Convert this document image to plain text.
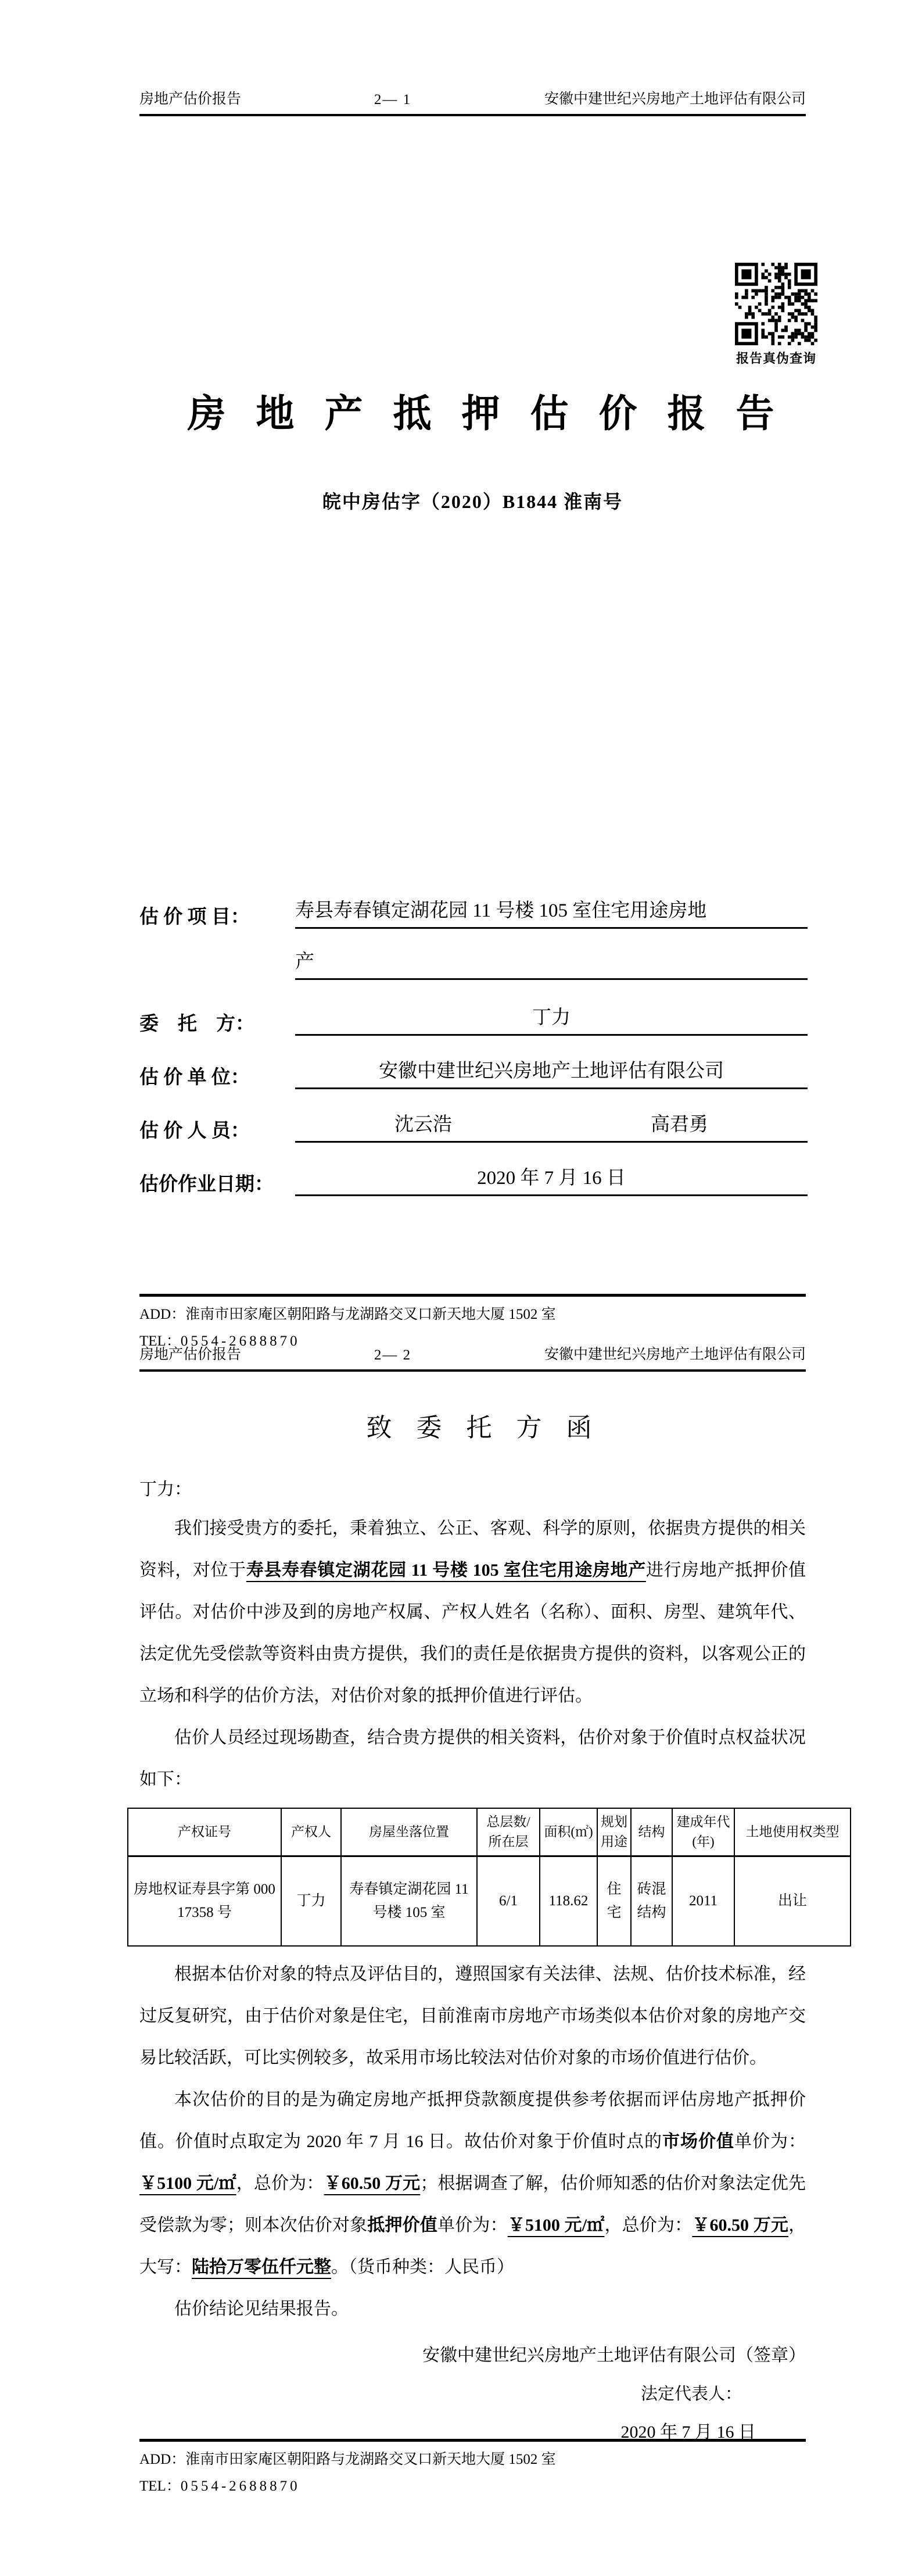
房地产估价报告	2— 1	安徽中建世纪兴房地产土地评估有限公司
报告真伪查询
房地产抵押估价报告
皖中房估字（2020）B1844 淮南号
估 价 项 目：	寿县寿春镇定湖花园 11 号楼 105 室住宅用途房地
产
委　托　方：	丁力
估 价 单 位：	安徽中建世纪兴房地产土地评估有限公司
估 价 人 员：	沈云浩	高君勇
估价作业日期：	2020 年 7 月 16 日
ADD：淮南市田家庵区朝阳路与龙湖路交叉口新天地大厦 1502 室
TEL：0554-2688870
房地产估价报告	2— 2	安徽中建世纪兴房地产土地评估有限公司
致委托方函
丁力：

我们接受贵方的委托，秉着独立、公正、客观、科学的原则，依据贵方提供的相关资料，对位于寿县寿春镇定湖花园 11 号楼 105 室住宅用途房地产进行房地产抵押价值评估。对估价中涉及到的房地产权属、产权人姓名（名称）、面积、房型、建筑年代、法定优先受偿款等资料由贵方提供，我们的责任是依据贵方提供的资料，以客观公正的立场和科学的估价方法，对估价对象的抵押价值进行评估。

估价人员经过现场勘查，结合贵方提供的相关资料，估价对象于价值时点权益状况如下：

产权证号	产权人	房屋坐落位置	总层数/所在层	面积(㎡)	规划用途	结构	建成年代(年)	土地使用权类型
房地权证寿县字第 00017358 号	丁力	寿春镇定湖花园 11 号楼 105 室	6/1	118.62	住宅	砖混结构	2011	出让

根据本估价对象的特点及评估目的，遵照国家有关法律、法规、估价技术标准，经过反复研究，由于估价对象是住宅，目前淮南市房地产市场类似本估价对象的房地产交易比较活跃，可比实例较多，故采用市场比较法对估价对象的市场价值进行估价。

本次估价的目的是为确定房地产抵押贷款额度提供参考依据而评估房地产抵押价值。价值时点取定为 2020 年 7 月 16 日。故估价对象于价值时点的市场价值单价为：￥5100 元/㎡，总价为：￥60.50 万元；根据调查了解，估价师知悉的估价对象法定优先受偿款为零；则本次估价对象抵押价值单价为：￥5100 元/㎡，总价为：￥60.50 万元，大写：陆拾万零伍仟元整。（货币种类：人民币）

估价结论见结果报告。

安徽中建世纪兴房地产土地评估有限公司（签章）
法定代表人：
2020 年 7 月 16 日
ADD：淮南市田家庵区朝阳路与龙湖路交叉口新天地大厦 1502 室
TEL：0554-2688870
